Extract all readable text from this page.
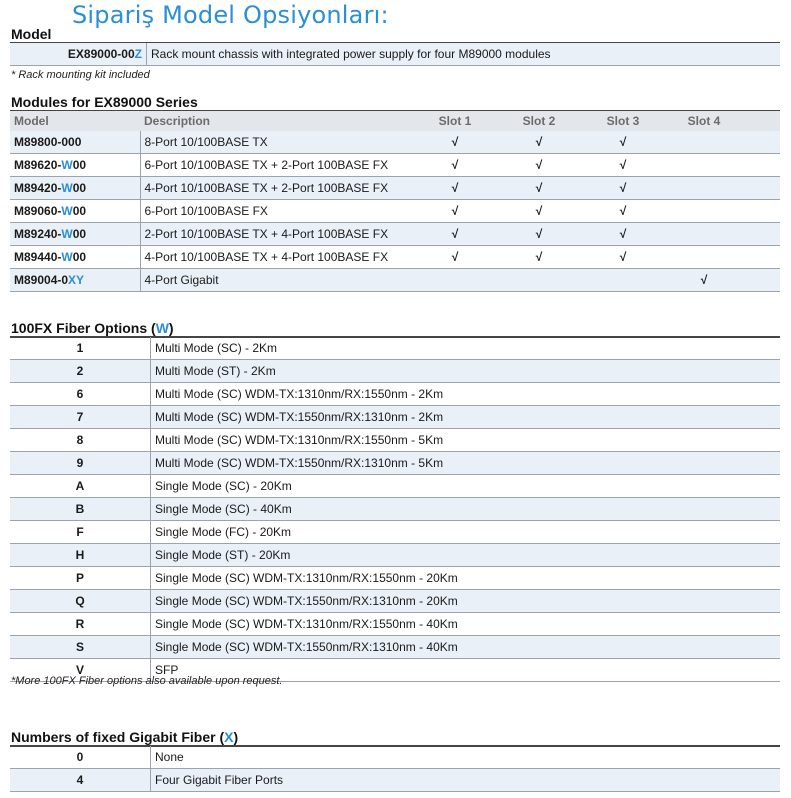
Sipariş Model Opsiyonları:
Model
EX89000-00Z	Rack mount chassis with integrated power supply for four M89000 modules
* Rack mounting kit included
Modules for EX89000 Series
Model	Description	Slot 1	Slot 2	Slot 3	Slot 4	
M89800-000	8-Port 10/100BASE TX	√	√	√		
M89620-W00	6-Port 10/100BASE TX + 2-Port 100BASE FX	√	√	√		
M89420-W00	4-Port 10/100BASE TX + 2-Port 100BASE FX	√	√	√		
M89060-W00	6-Port 10/100BASE FX	√	√	√		
M89240-W00	2-Port 10/100BASE TX + 4-Port 100BASE FX	√	√	√		
M89440-W00	4-Port 10/100BASE TX + 4-Port 100BASE FX	√	√	√		
M89004-0XY	4-Port Gigabit				√	
100FX Fiber Options (W)
1	Multi Mode (SC) - 2Km
2	Multi Mode (ST) - 2Km
6	Multi Mode (SC) WDM-TX:1310nm/RX:1550nm - 2Km
7	Multi Mode (SC) WDM-TX:1550nm/RX:1310nm - 2Km
8	Multi Mode (SC) WDM-TX:1310nm/RX:1550nm - 5Km
9	Multi Mode (SC) WDM-TX:1550nm/RX:1310nm - 5Km
A	Single Mode (SC) - 20Km
B	Single Mode (SC) - 40Km
F	Single Mode (FC) - 20Km
H	Single Mode (ST) - 20Km
P	Single Mode (SC) WDM-TX:1310nm/RX:1550nm - 20Km
Q	Single Mode (SC) WDM-TX:1550nm/RX:1310nm - 20Km
R	Single Mode (SC) WDM-TX:1310nm/RX:1550nm - 40Km
S	Single Mode (SC) WDM-TX:1550nm/RX:1310nm - 40Km
V	SFP
*More 100FX Fiber options also available upon request.
Numbers of fixed Gigabit Fiber (X)
0	None
4	Four Gigabit Fiber Ports
